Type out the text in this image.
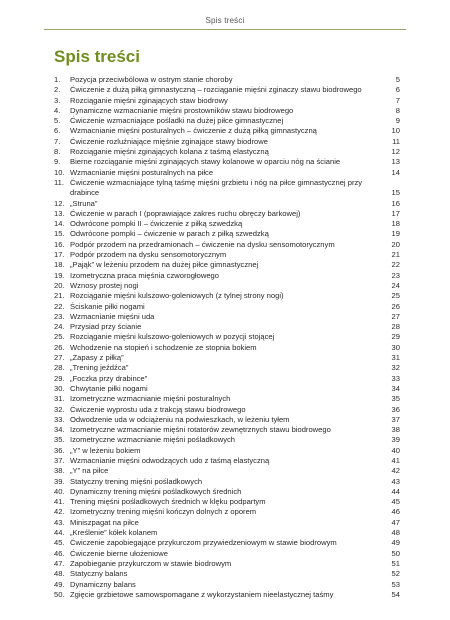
Spis treści
Spis treści
1.	Pozycja przeciwbólowa w ostrym stanie choroby	5
2.	Ćwiczenie z dużą piłką gimnastyczną – rozciąganie mięśni zginaczy stawu biodrowego	6
3.	Rozciąganie mięśni zginających staw biodrowy	7
4.	Dynamiczne wzmacnianie mięśni prostowników stawu biodrowego	8
5.	Ćwiczenie wzmacniające pośladki na dużej piłce gimnastycznej	9
6.	Wzmacnianie mięśni posturalnych – ćwiczenie z dużą piłką gimnastyczną	10
7.	Ćwiczenie rozluźniające mięśnie zginające stawy biodrowe	11
8.	Rozciąganie mięśni zginających kolana z taśmą elastyczną	12
9.	Bierne rozciąganie mięśni zginających stawy kolanowe w oparciu nóg na ścianie	13
10. Wzmacnianie mięśni posturalnych na piłce	14
11. Ćwiczenie wzmacniające tylną taśmę mięśni grzbietu i nóg na piłce gimnastycznej przy drabince	15
12. „Struna”	16
13. Ćwiczenie w parach I (poprawiające zakres ruchu obręczy barkowej)	17
14. Odwrócone pompki II – ćwiczenie z piłką szwedzką	18
15. Odwrócone pompki – ćwiczenie w parach z piłką szwedzką	19
16. Podpór przodem na przedramionach – ćwiczenie na dysku sensomotorycznym	20
17. Podpór przodem na dysku sensomotorycznym	21
18. „Pająk” w leżeniu przodem na dużej piłce gimnastycznej	22
19. Izometryczna praca mięśnia czworogłowego	23
20. Wznosy prostej nogi	24
21. Rozciąganie mięśni kulszowo-goleniowych (z tylnej strony nogi)	25
22. Ściskanie piłki nogami	26
23. Wzmacnianie mięśni uda	27
24. Przysiad przy ścianie	28
25. Rozciąganie mięśni kulszowo-goleniowych w pozycji stojącej	29
26. Wchodzenie na stopień i schodzenie ze stopnia bokiem	30
27. „Zapasy z piłką”	31
28. „Trening jeźdźca”	32
29. „Foczka przy drabince”	33
30. Chwytanie piłki nogami	34
31. Izometryczne wzmacnianie mięśni posturalnych	35
32. Ćwiczenie wyprostu uda z trakcją stawu biodrowego	36
33. Odwodzenie uda w odciążeniu na podwieszkach, w leżeniu tyłem	37
34. Izometryczne wzmacnianie mięśni rotatorów zewnętrznych stawu biodrowego	38
35. Izometryczne wzmacnianie mięśni pośladkowych	39
36. „Y” w leżeniu bokiem	40
37. Wzmacnianie mięśni odwodzących udo z taśmą elastyczną	41
38. „Y” na piłce	42
39. Statyczny trening mięśni pośladkowych	43
40. Dynamiczny trening mięśni pośladkowych średnich	44
41. Trening mięśni pośladkowych średnich w klęku podpartym	45
42. Izometryczny trening mięśni kończyn dolnych z oporem	46
43. Miniszpagat na piłce	47
44. „Kreślenie” kółek kolanem	48
45. Ćwiczenie zapobiegające przykurczom przywiedzeniowym w stawie biodrowym	49
46. Ćwiczenie bierne ułożeniowe	50
47. Zapobieganie przykurczom w stawie biodrowym	51
48. Statyczny balans	52
49. Dynamiczny balans	53
50. Zgięcie grzbietowe samowspomagane z wykorzystaniem nieelastycznej taśmy	54
